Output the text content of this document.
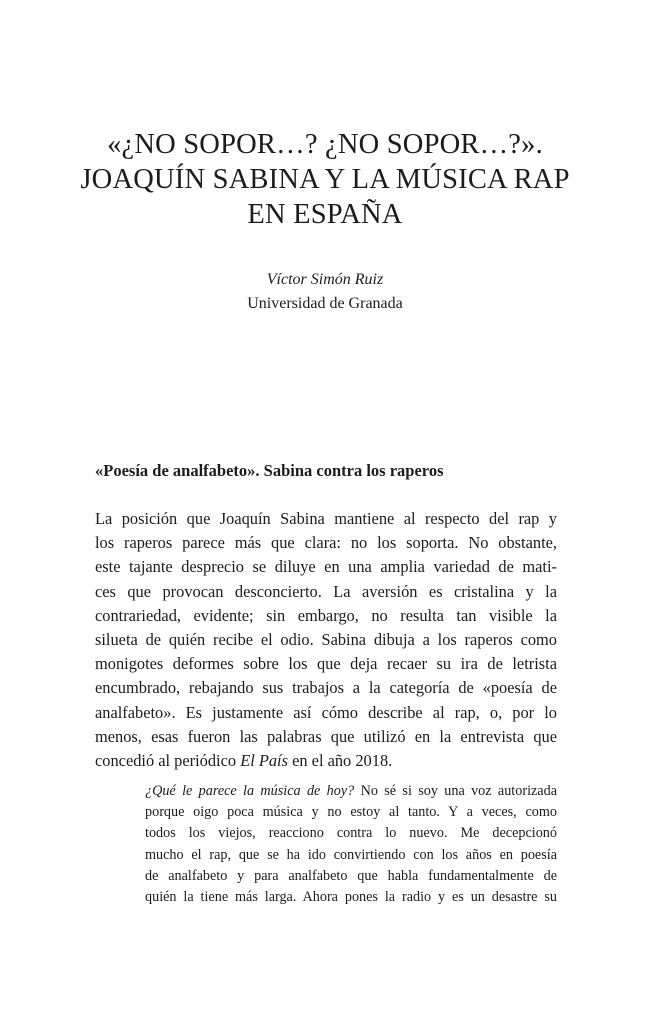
«¿NO SOPOR…? ¿NO SOPOR…?».
JOAQUÍN SABINA Y LA MÚSICA RAP
EN ESPAÑA
Víctor Simón Ruiz
Universidad de Granada
«Poesía de analfabeto». Sabina contra los raperos
La posición que Joaquín Sabina mantiene al respecto del rap y
los raperos parece más que clara: no los soporta. No obstante,
este tajante desprecio se diluye en una amplia variedad de mati-
ces que provocan desconcierto. La aversión es cristalina y la
contrariedad, evidente; sin embargo, no resulta tan visible la
silueta de quién recibe el odio. Sabina dibuja a los raperos como
monigotes deformes sobre los que deja recaer su ira de letrista
encumbrado, rebajando sus trabajos a la categoría de «poesía de
analfabeto». Es justamente así cómo describe al rap, o, por lo
menos, esas fueron las palabras que utilizó en la entrevista que
concedió al periódico El País en el año 2018.
¿Qué le parece la música de hoy? No sé si soy una voz autorizada
porque oigo poca música y no estoy al tanto. Y a veces, como
todos los viejos, reacciono contra lo nuevo. Me decepcionó
mucho el rap, que se ha ido convirtiendo con los años en poesía
de analfabeto y para analfabeto que habla fundamentalmente de
quién la tiene más larga. Ahora pones la radio y es un desastre su
